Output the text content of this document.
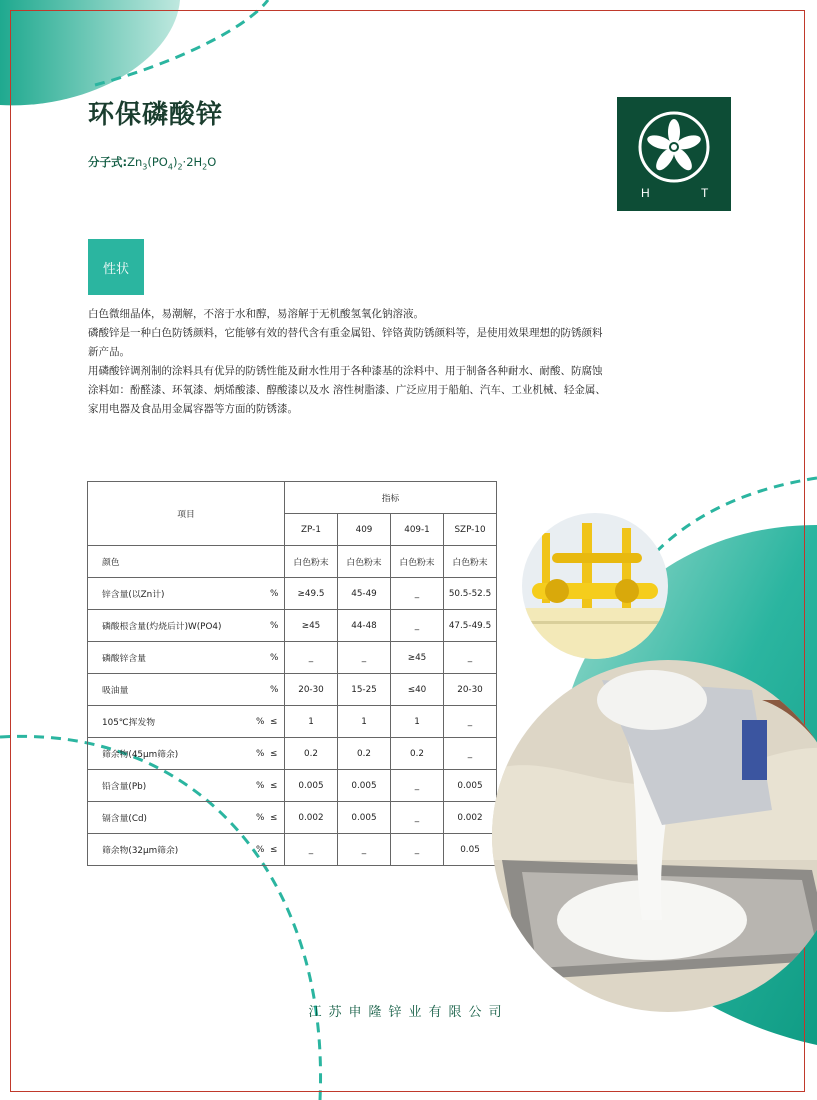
环保磷酸锌
分子式$:Zn_3(PO_4)_2\cdot 2H_2O$
H	T
性状

白色微细晶体，易潮解，不溶于水和醇，易溶解于无机酸氢氧化钠溶液。

磷酸锌是一种白色防锈颜料，它能够有效的替代含有重金属铅、锌铬黄防锈颜料等，是使用效果理想的防锈颜料新产品。

用磷酸锌调剂制的涂料具有优异的防锈性能及耐水性用于各种漆基的涂料中、用于制备各种耐水、耐酸、防腐蚀涂料如：酚醛漆、环氧漆、炳烯酸漆、醇酸漆以及水 溶性树脂漆、广泛应用于船舶、汽车、工业机械、轻金属、家用电器及食品用金属容器等方面的防锈漆。

项目			指标			
			ZP-1	409	409-1	SZP-10
颜色			白色粉末	白色粉末	白色粉末	白色粉末
锌含量(以Zn计)		%	≥49.5	45-49	_	50.5-52.5
磷酸根含量(灼烧后计)W(PO4)		%	≥45	44-48	_	47.5-49.5
磷酸锌含量		%	_	_	≥45	_
吸油量		%	20-30	15-25	≤40	20-30
105℃挥发物	%	≤	1	1	1	_
筛余物(45μm筛余)	%	≤	0.2	0.2	0.2	_
铅含量(Pb)	%	≤	0.005	0.005	_	0.005
镉含量(Cd)	%	≤	0.002	0.005	_	0.002
筛余物(32μm筛余)	%	≤	_	_	_	0.05
江苏申隆锌业有限公司
